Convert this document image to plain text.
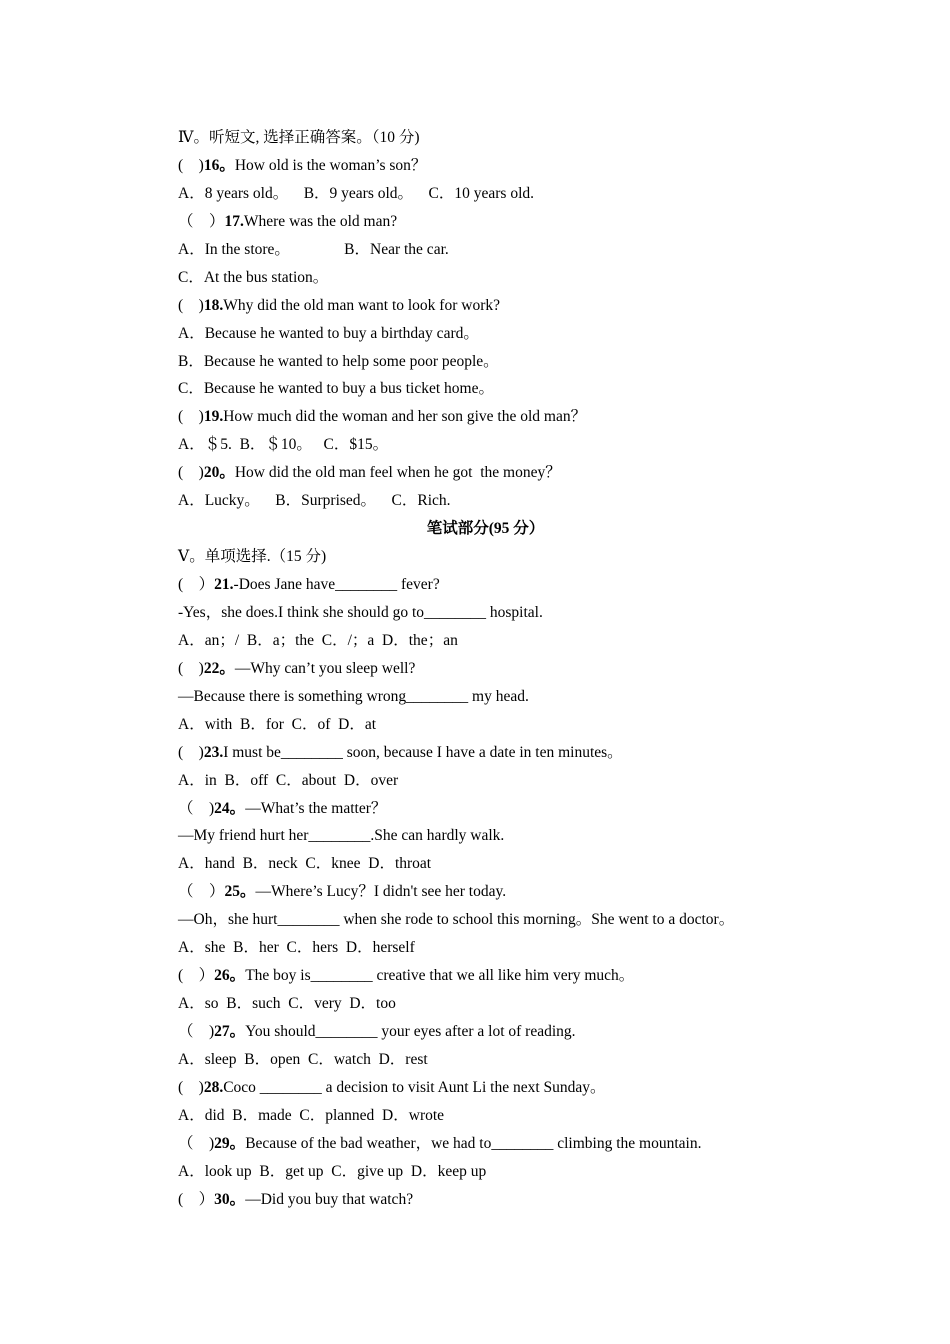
Ⅳ。听短文, 选择正确答案。（10 分)
(    )16。How old is the woman’s son？
A．8 years old。    B．9 years old。    C．10 years old.
（    ）17.Where was the old man?
A．In the store。              B．Near the car.
C．At the bus station。
(    )18.Why did the old man want to look for work?
A．Because he wanted to buy a birthday card。
B．Because he wanted to help some poor people。
C．Because he wanted to buy a bus ticket home。
(    )19.How much did the woman and her son give the old man？
A．＄5.  B．＄10。   C．$15。
(    )20。How did the old man feel when he got  the money？
A．Lucky。    B．Surprised。    C．Rich.
笔试部分(95 分）
Ⅴ。单项选择.（15 分)
(    ）21.-Does Jane have________ fever?
-Yes，she does.I think she should go to________ hospital.
A．an；/  B．a；the  C．/；a  D．the；an
(    )22。—Why can’t you sleep well?
—Because there is something wrong________ my head.
A．with  B．for  C．of  D．at
(    )23.I must be________ soon, because I have a date in ten minutes。
A．in  B．off  C．about  D．over
（    )24。—What’s the matter？
—My friend hurt her________.She can hardly walk.
A．hand  B．neck  C．knee  D．throat
（    ）25。—Where’s Lucy？I didn't see her today.
—Oh，she hurt________ when she rode to school this morning。She went to a doctor。
A．she  B．her  C．hers  D．herself
(    ）26。The boy is________ creative that we all like him very much。
A．so  B．such  C．very  D．too
（    )27。You should________ your eyes after a lot of reading.
A．sleep  B．open  C．watch  D．rest
(    )28.Coco ________ a decision to visit Aunt Li the next Sunday。
A．did  B．made  C．planned  D．wrote
（    )29。Because of the bad weather，we had to________ climbing the mountain.
A．look up  B．get up  C．give up  D．keep up
(    ）30。—Did you buy that watch?
